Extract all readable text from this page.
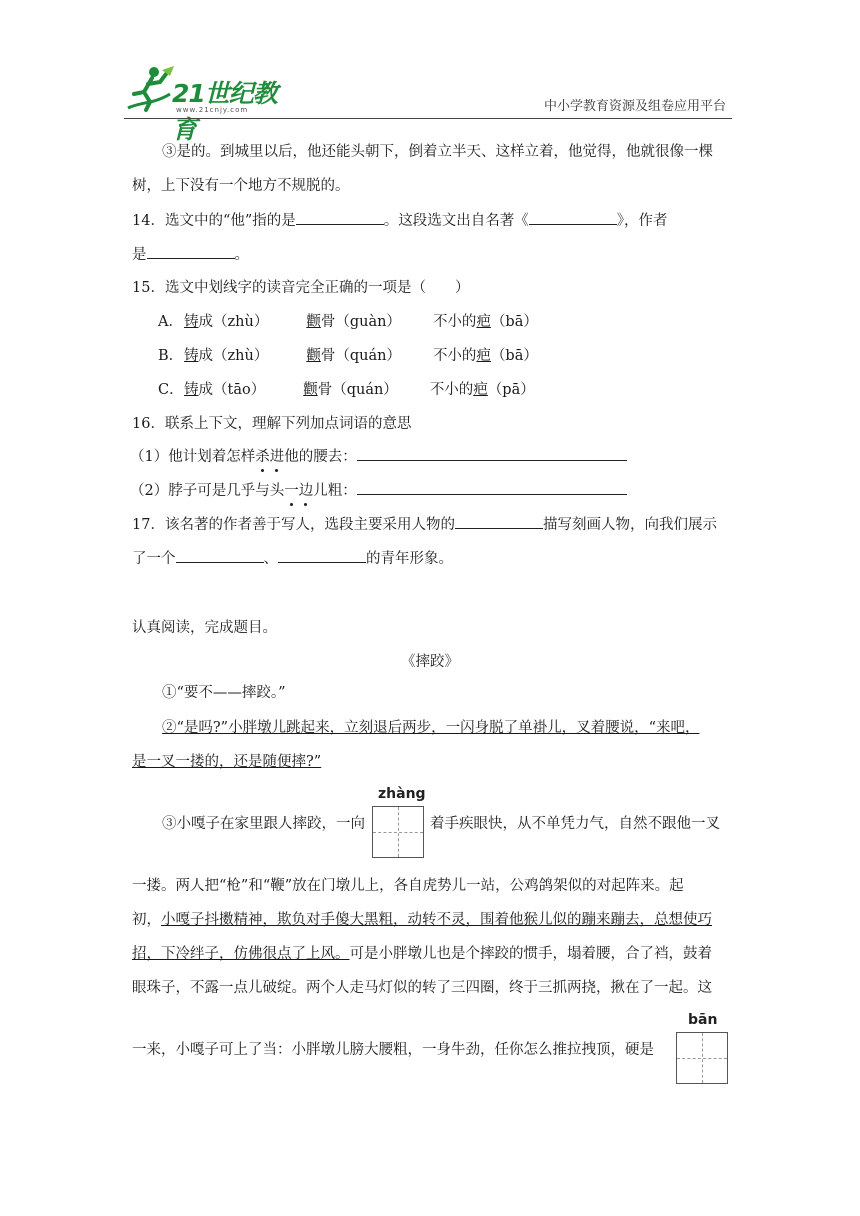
21世纪教育
www.21cnjy.com	中小学教育资源及组卷应用平台
③是的。到城里以后，他还能头朝下，倒着立半天、这样立着，他觉得，他就很像一棵
树，上下没有一个地方不规脱的。
14．选文中的“他”指的是	。这段选文出自名著《	》，作者
是	。
15．选文中划线字的读音完全正确的一项是（　　）
A．铸成（zhù）	颧骨（guàn） 不小的疤（bā）
B．铸成（zhù）	颧骨（quán） 不小的疤（bā）
C．铸成（tāo）	颧骨（quán） 不小的疤（pā）
16．联系上下文，理解下列加点词语的意思
（1）他计划着怎样杀进他的腰去：
（2）脖子可是几乎与头一边儿粗：
17．该名著的作者善于写人，选段主要采用人物的	描写刻画人物，向我们展示
了一个	、	的青年形象。
认真阅读，完成题目。
《摔跤》
①“要不——摔跤。”
②“是吗?”小胖墩儿跳起来，立刻退后两步，一闪身脱了单褂儿，叉着腰说，“来吧，
是一叉一搂的，还是随便摔?”
zhàng
③小嘎子在家里跟人摔跤，一向	着手疾眼快，从不单凭力气，自然不跟他一叉
一搂。两人把“枪”和“鞭”放在门墩儿上，各自虎势儿一站，公鸡鸽架似的对起阵来。起
初，小嘎子抖擞精神，欺负对手傻大黑粗，动转不灵，围着他猴儿似的蹦来蹦去，总想使巧
招，下冷绊子，仿佛很点了上风。可是小胖墩儿也是个摔跤的惯手，塌着腰，合了裆，鼓着
眼珠子，不露一点儿破绽。两个人走马灯似的转了三四圈，终于三抓两挠，揪在了一起。这
bān
一来，小嘎子可上了当：小胖墩儿膀大腰粗，一身牛劲，任你怎么推拉拽顶，硬是
